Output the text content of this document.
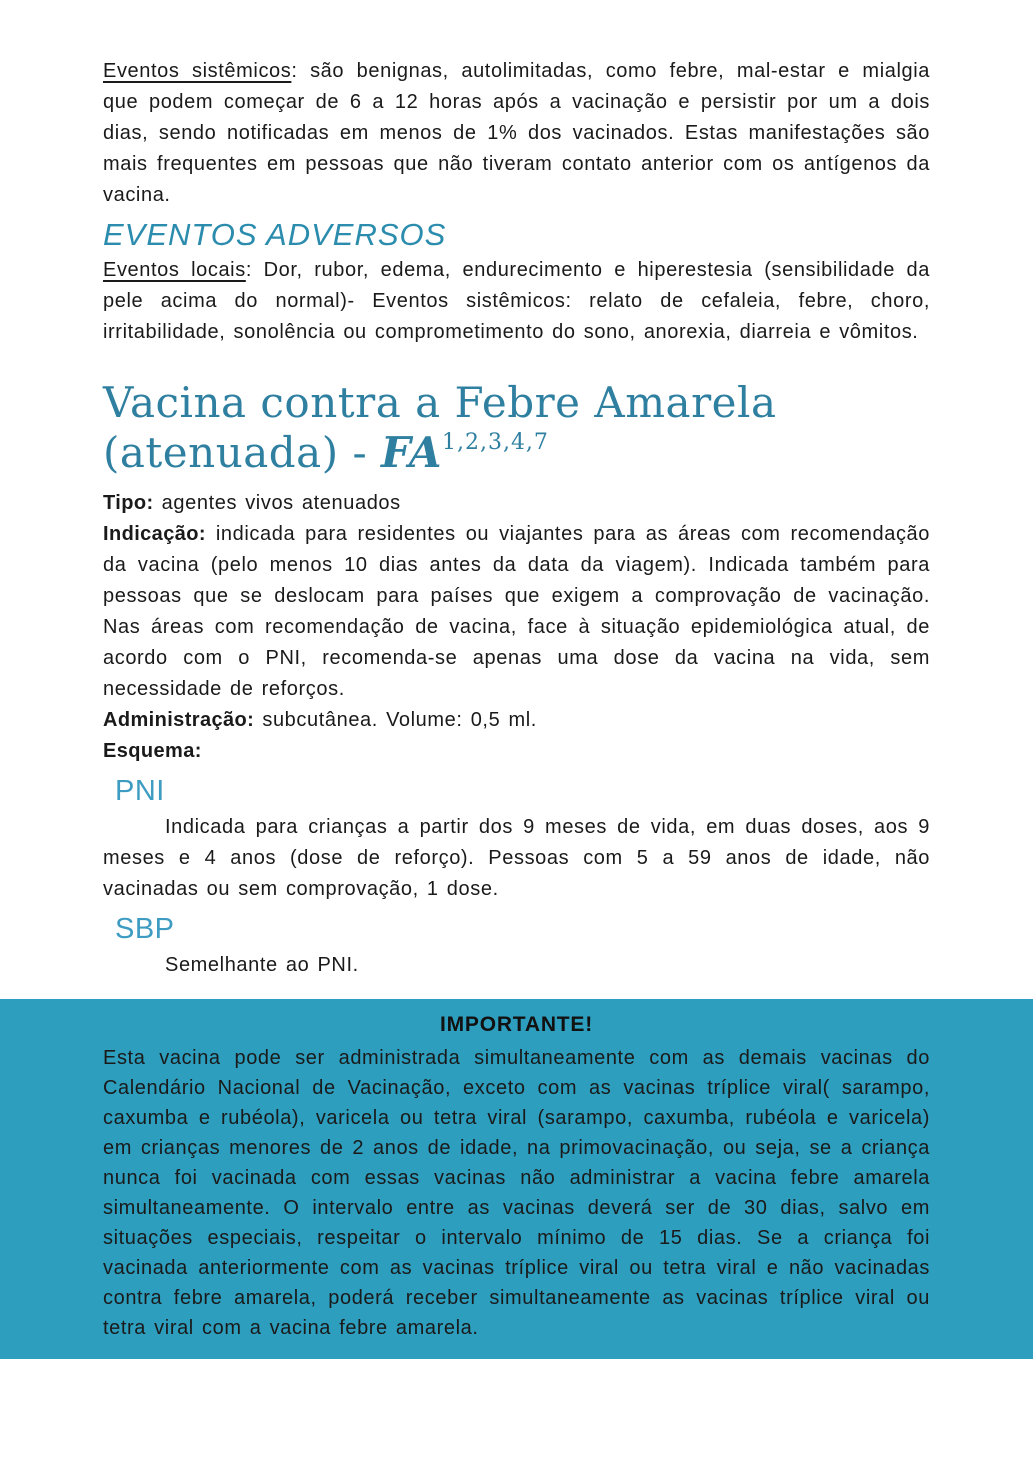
Eventos sistêmicos: são benignas, autolimitadas, como febre, mal-estar e mialgia que podem começar de 6 a 12 horas após a vacinação e persistir por um a dois dias, sendo notificadas em menos de 1% dos vacinados. Estas manifestações são mais frequentes em pessoas que não tiveram contato anterior com os antígenos da vacina.

EVENTOS ADVERSOS

Eventos locais: Dor, rubor, edema, endurecimento e hiperestesia (sensibilidade da pele acima do normal)- Eventos sistêmicos: relato de cefaleia, febre, choro, irritabilidade, sonolência ou comprometimento do sono, anorexia, diarreia e vômitos.

Vacina contra a Febre Amarela
(atenuada) - FA$^{1,2,3,4,7}$

Tipo: agentes vivos atenuados

Indicação: indicada para residentes ou viajantes para as áreas com recomendação da vacina (pelo menos 10 dias antes da data da viagem). Indicada também para pessoas que se deslocam para países que exigem a comprovação de vacinação. Nas áreas com recomendação de vacina, face à situação epidemiológica atual, de acordo com o PNI, recomenda-se apenas uma dose da vacina na vida, sem necessidade de reforços.

Administração: subcutânea. Volume: 0,5 ml.

Esquema:

PNI

Indicada para crianças a partir dos 9 meses de vida, em duas doses, aos 9 meses e 4 anos (dose de reforço). Pessoas com 5 a 59 anos de idade, não vacinadas ou sem comprovação, 1 dose.

SBP

Semelhante ao PNI.

IMPORTANTE!

Esta vacina pode ser administrada simultaneamente com as demais vacinas do Calendário Nacional de Vacinação, exceto com as vacinas tríplice viral( sarampo, caxumba e rubéola), varicela ou tetra viral (sarampo, caxumba, rubéola e varicela) em crianças menores de 2 anos de idade, na primovacinação, ou seja, se a criança nunca foi vacinada com essas vacinas não administrar a vacina febre amarela simultaneamente. O intervalo entre as vacinas deverá ser de 30 dias, salvo em situações especiais, respeitar o intervalo mínimo de 15 dias. Se a criança foi vacinada anteriormente com as vacinas tríplice viral ou tetra viral e não vacinadas contra febre amarela, poderá receber simultaneamente as vacinas tríplice viral ou tetra viral com a vacina febre amarela.
